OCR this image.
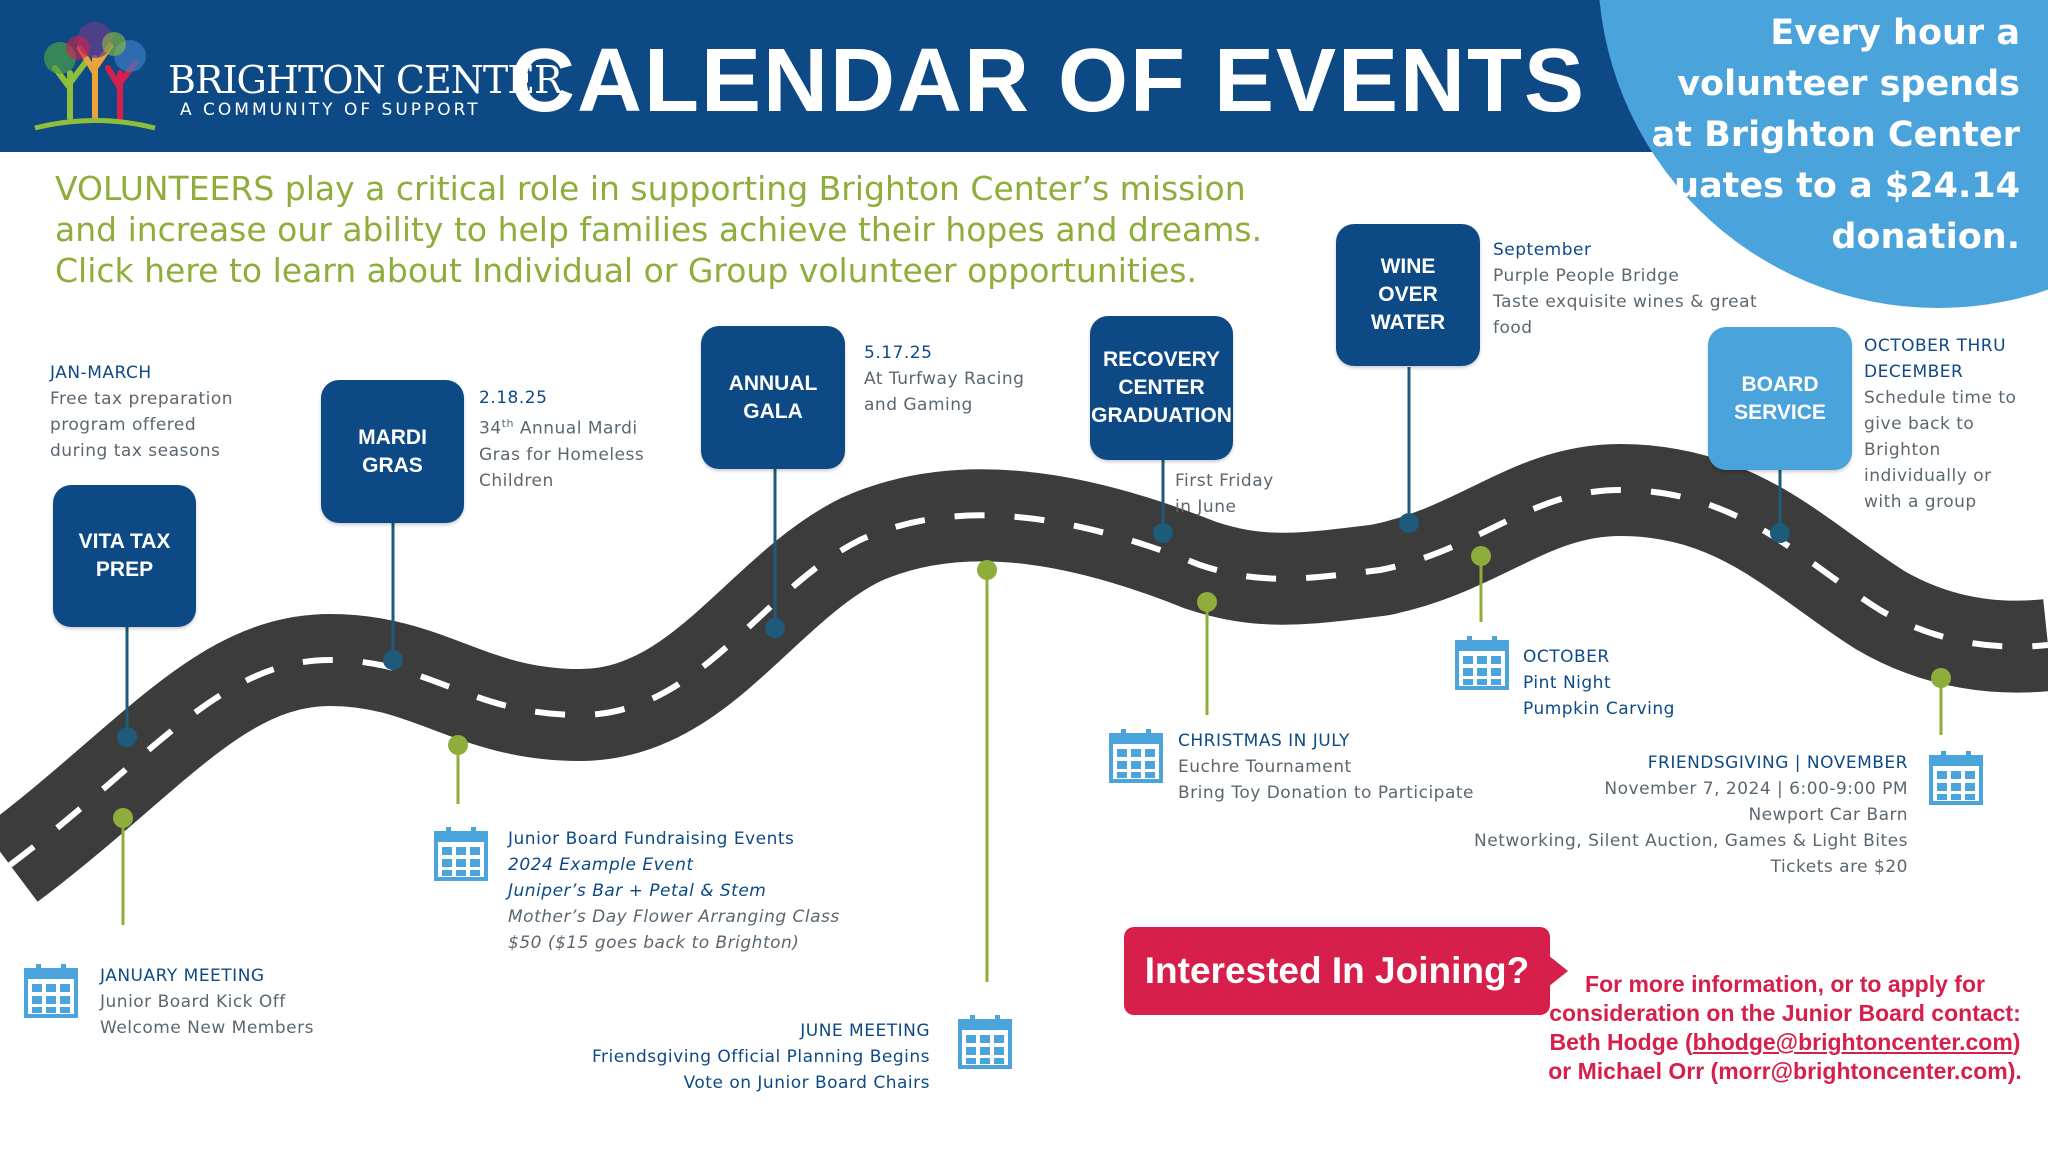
BRIGHTON CENTER
A COMMUNITY OF SUPPORT CALENDAR OF EVENTS	Every hour a
volunteer spends
at Brighton Center
equates to a $24.14
donation.
VOLUNTEERS play a critical role in supporting Brighton Center’s mission and increase our ability to help families achieve their hopes and dreams. Click here to learn about Individual or Group volunteer opportunities.
VITA TAX
PREP
MARDI
GRAS
ANNUAL
GALA
RECOVERY
CENTER
GRADUATION
WINE
OVER
WATER
BOARD
SERVICE
JAN-MARCH
Free tax preparation
program offered
during tax seasons
2.18.25
34th Annual Mardi
Gras for Homeless
Children
5.17.25
At Turfway Racing
and Gaming
First Friday
in June
September
Purple People Bridge
Taste exquisite wines & great
food
OCTOBER THRU
DECEMBER
Schedule time to
give back to
Brighton
individually or
with a group
JANUARY MEETING
Junior Board Kick Off
Welcome New Members
Junior Board Fundraising Events
2024 Example Event
Juniper’s Bar + Petal & Stem
Mother’s Day Flower Arranging Class
$50 ($15 goes back to Brighton)
JUNE MEETING
Friendsgiving Official Planning Begins
Vote on Junior Board Chairs
CHRISTMAS IN JULY
Euchre Tournament
Bring Toy Donation to Participate
OCTOBER
Pint Night
Pumpkin Carving
FRIENDSGIVING | NOVEMBER
November 7, 2024 | 6:00-9:00 PM
Newport Car Barn
Networking, Silent Auction, Games & Light Bites
Tickets are $20
Interested In Joining?	For more information, or to apply for
consideration on the Junior Board contact:
Beth Hodge (bhodge@brightoncenter.com)
or Michael Orr (morr@brightoncenter.com).
